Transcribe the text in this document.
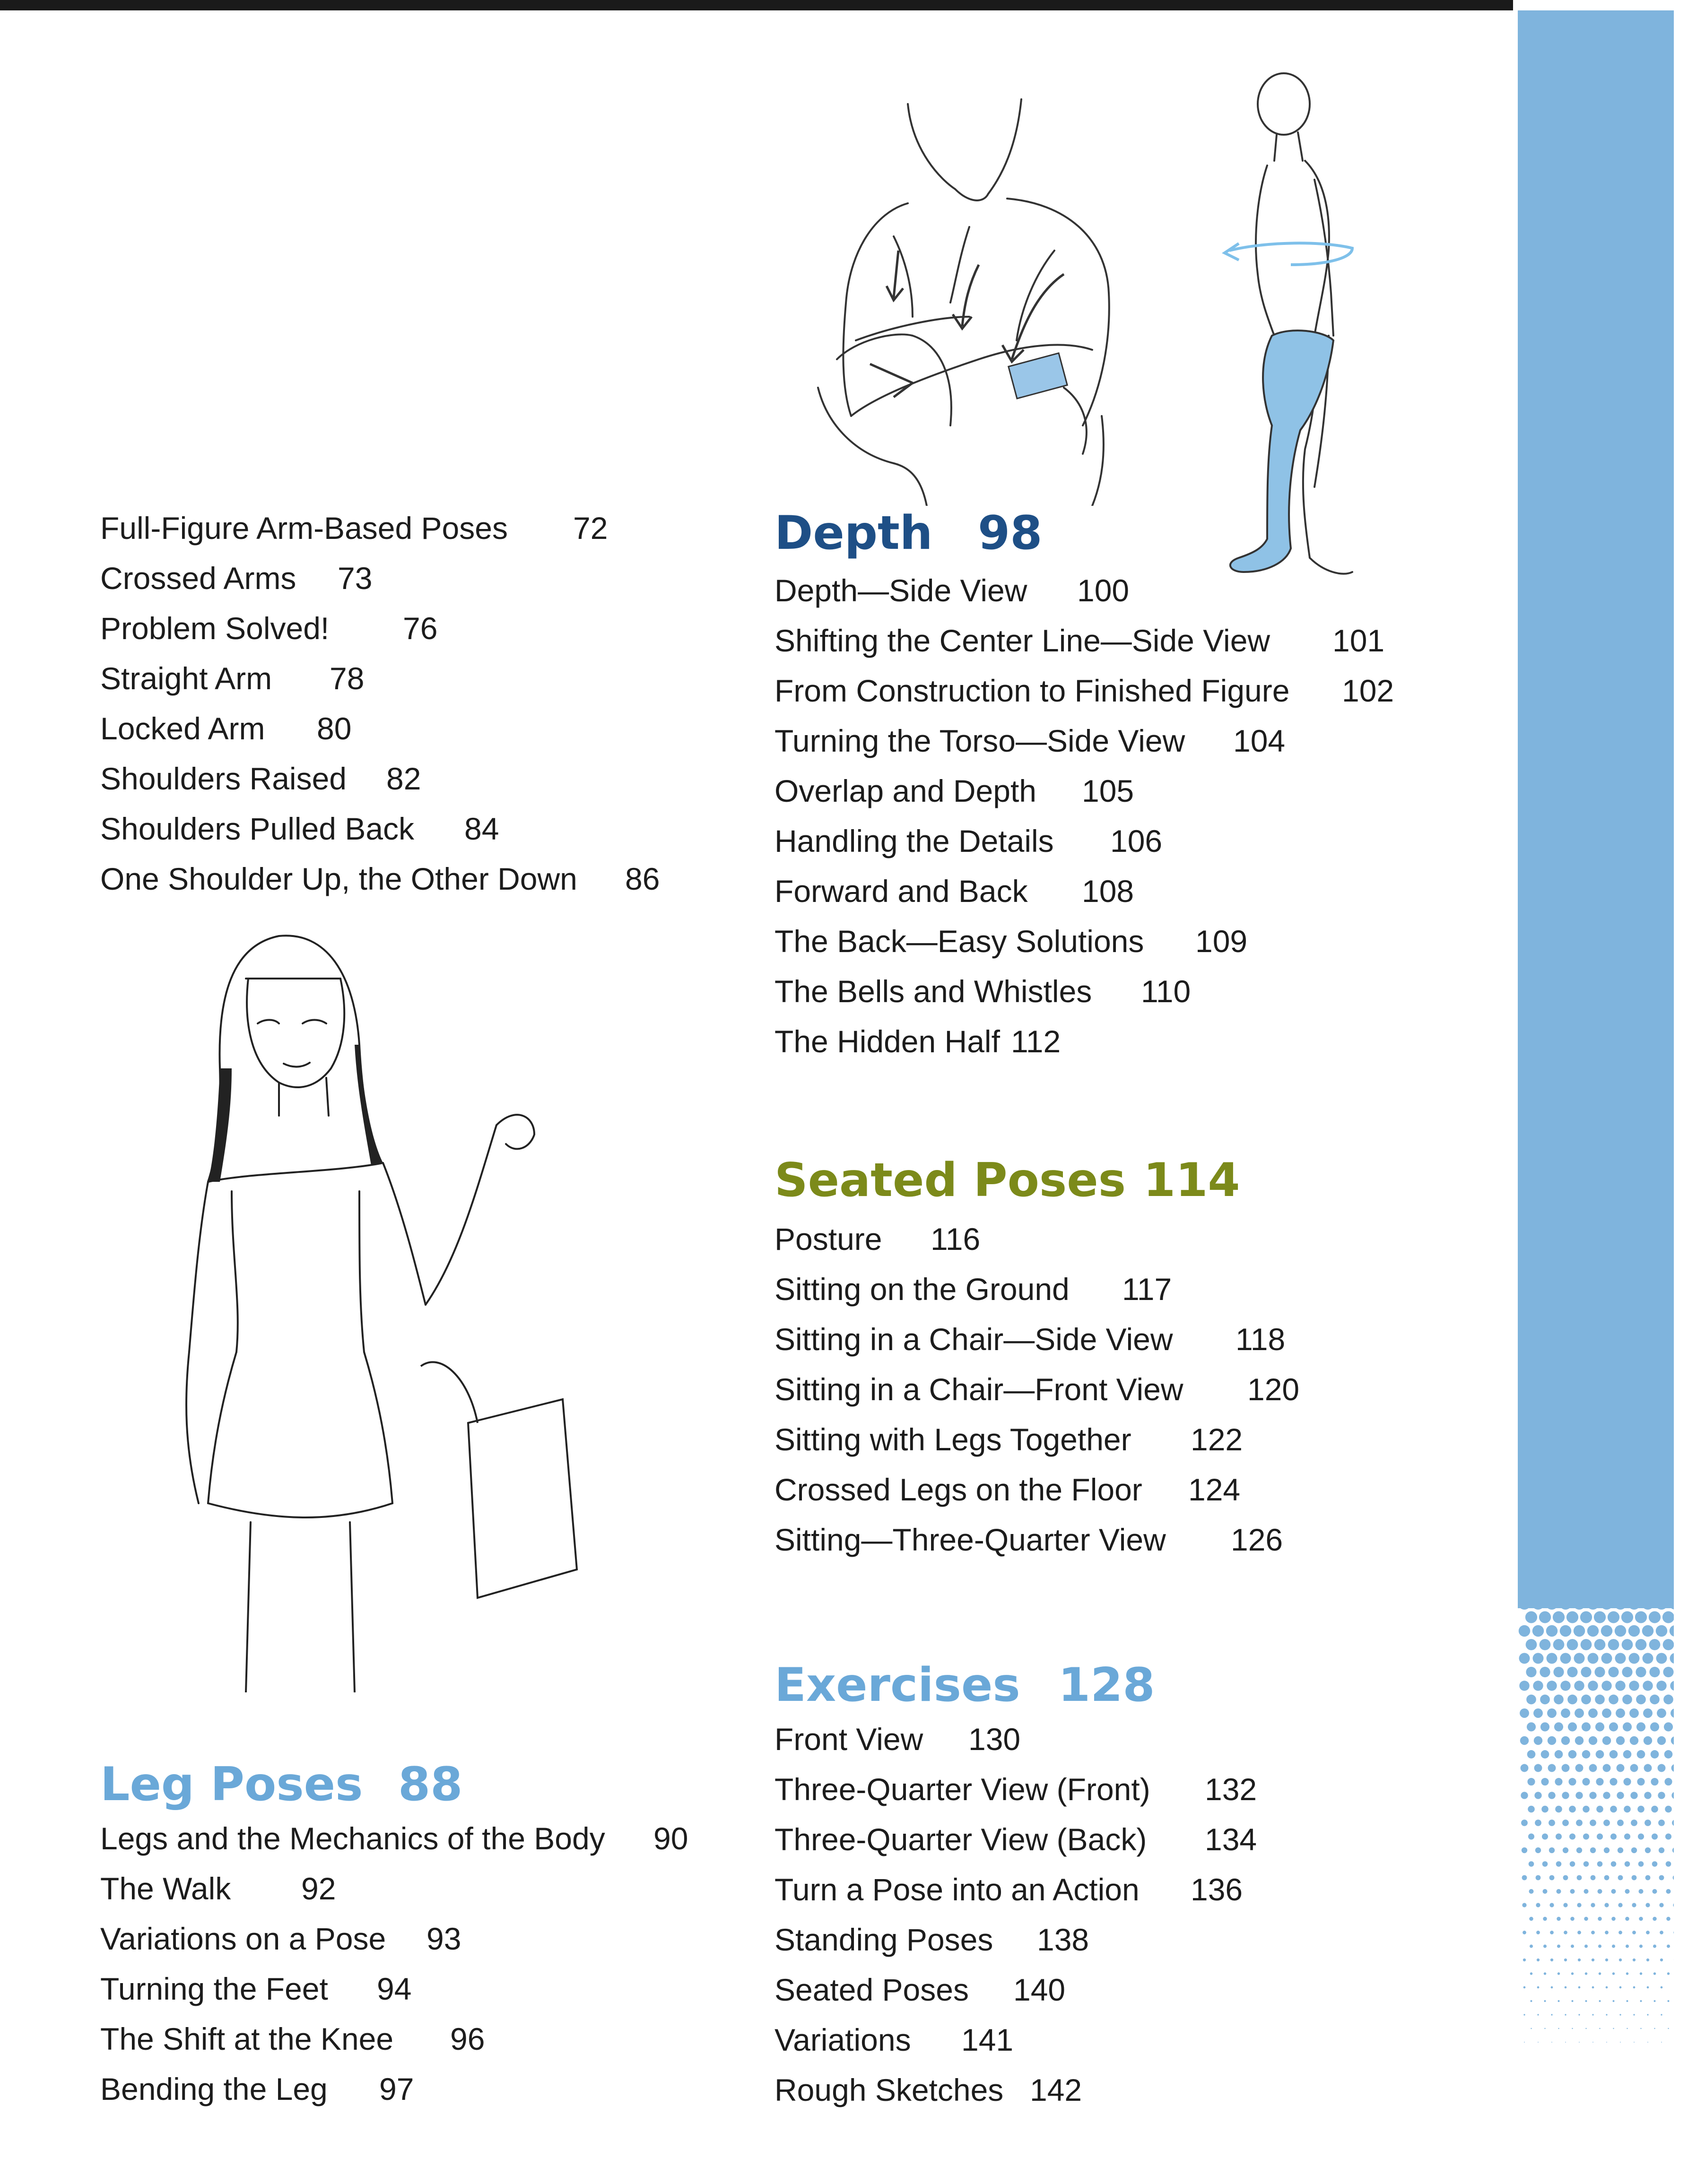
Full-Figure Arm-Based Poses 72
Crossed Arms 73
Problem Solved! 76
Straight Arm 78
Locked Arm 80
Shoulders Raised 82
Shoulders Pulled Back 84
One Shoulder Up, the Other Down 86
Leg Poses 88
Legs and the Mechanics of the Body 90
The Walk 92
Variations on a Pose 93
Turning the Feet 94
The Shift at the Knee 96
Bending the Leg 97
Depth 98
Depth—Side View 100
Shifting the Center Line—Side View 101
From Construction to Finished Figure 102
Turning the Torso—Side View 104
Overlap and Depth 105
Handling the Details 106
Forward and Back 108
The Back—Easy Solutions 109
The Bells and Whistles 110
The Hidden Half 112
Seated Poses 114
Posture 116
Sitting on the Ground 117
Sitting in a Chair—Side View 118
Sitting in a Chair—Front View 120
Sitting with Legs Together 122
Crossed Legs on the Floor 124
Sitting—Three-Quarter View 126
Exercises 128
Front View 130
Three-Quarter View (Front) 132
Three-Quarter View (Back) 134
Turn a Pose into an Action 136
Standing Poses 138
Seated Poses 140
Variations 141
Rough Sketches 142
